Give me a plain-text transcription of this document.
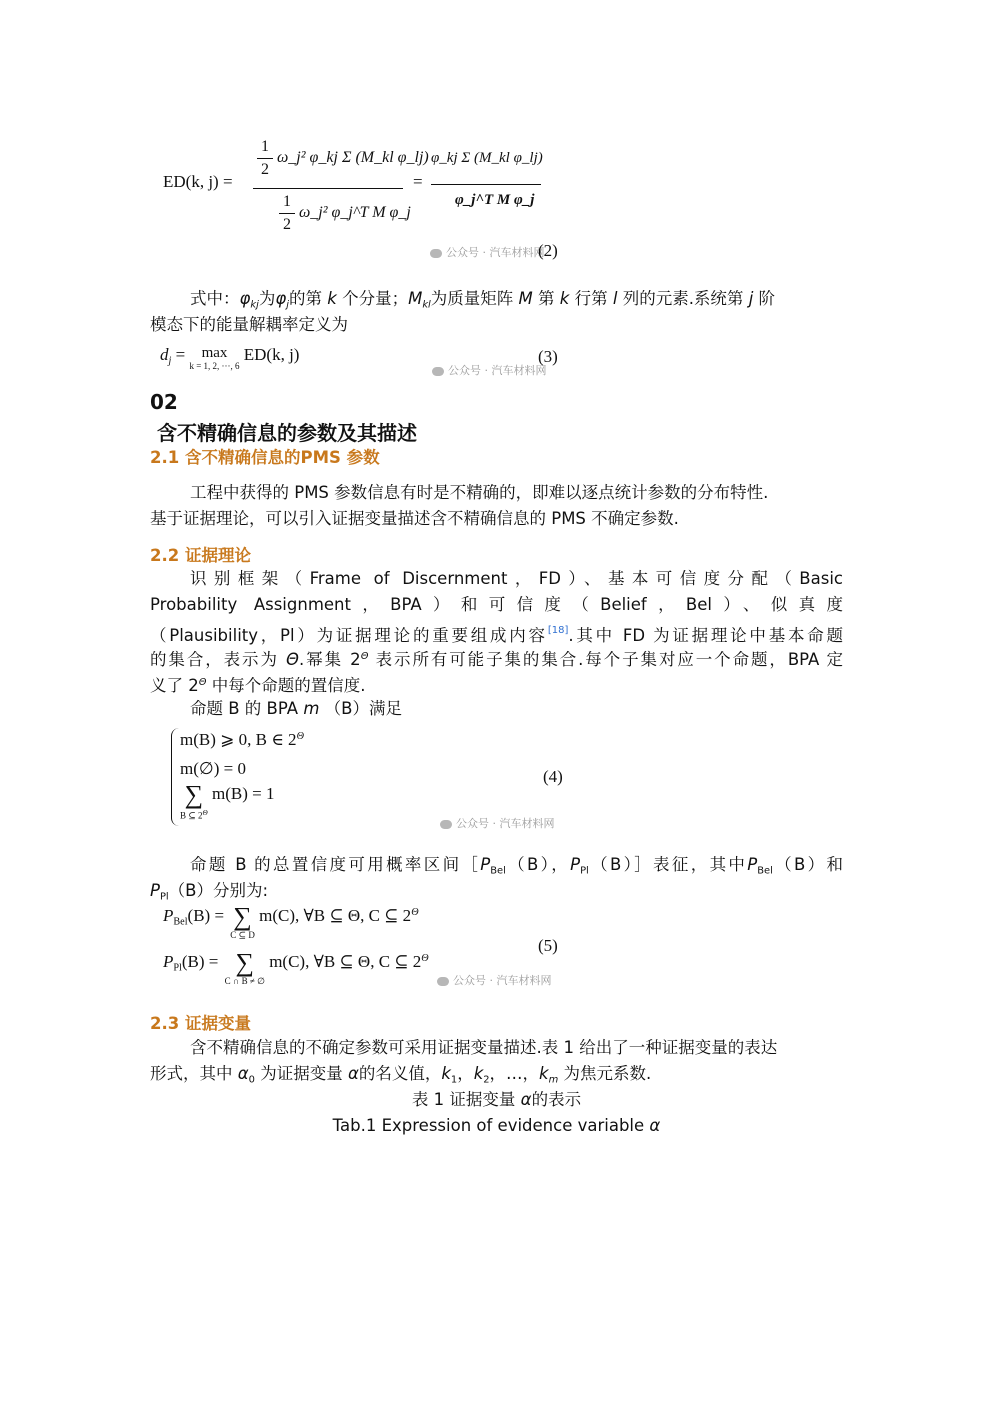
ED(k, j) =
$\frac{1}{2}$ ω_j² φ_kj Σ (M_kl φ_lj)
$\frac{1}{2}$ ω_j² φ_j^T M φ_j
=
φ_kj Σ (M_kl φ_lj)
φ_j^T M φ_j
公众号 · 汽车材料网
(2)
式中：$\varphi_{kj}$为$\varphi_j$的第 k 个分量；$M_{kl}$为质量矩阵 M 第 k 行第 l 列的元素.系统第 j 阶
模态下的能量解耦率定义为
$d_j$ =	max
k = 1, 2, ···, 6
ED(k, j)
公众号 · 汽车材料网
(3)
02
含不精确信息的参数及其描述
2.1 含不精确信息的PMS 参数
工程中获得的 PMS 参数信息有时是不精确的，即难以逐点统计参数的分布特性.
基于证据理论，可以引入证据变量描述含不精确信息的 PMS 不确定参数.
2.2 证据理论
识别框架（Frame of Discernment，FD）、基本可信度分配（Basic
Probability Assignment，BPA）和可信度（Belief，Bel）、似真度
（Plausibility，Pl）为证据理论的重要组成内容[18].其中 FD 为证据理论中基本命题
的集合，表示为 Θ.幂集 $2^\Theta$ 表示所有可能子集的集合.每个子集对应一个命题，BPA 定
义了 $2^\Theta$ 中每个命题的置信度.
命题 B 的 BPA m （B）满足
m(B) ⩾ 0, B ∈ $2^\Theta$
m(∅) = 0
∑
B ⊆ $2^\Theta$
m(B) = 1
(4)
公众号 · 汽车材料网
命题 B 的总置信度可用概率区间$[P_{Bel}(B)$，$P_{Pl}(B)]$表征，其中$P_{Bel}(B)$和
$P_{Pl}(B)$分别为:
$P_{Bel}(B)$ = ∑
C ⊆ D
m(C), ∀B ⊆ Θ, C ⊆ $2^\Theta$
$P_{Pl}(B)$ = ∑
C ∩ B ≠ ∅
m(C), ∀B ⊆ Θ, C ⊆ $2^\Theta$
(5)
公众号 · 汽车材料网
2.3 证据变量
含不精确信息的不确定参数可采用证据变量描述.表 1 给出了一种证据变量的表达
形式，其中 $\alpha_0$ 为证据变量 α的名义值，$k_1$，$k_2$，…，$k_m$ 为焦元系数.
表 1 证据变量 α的表示
Tab.1 Expression of evidence variable α
